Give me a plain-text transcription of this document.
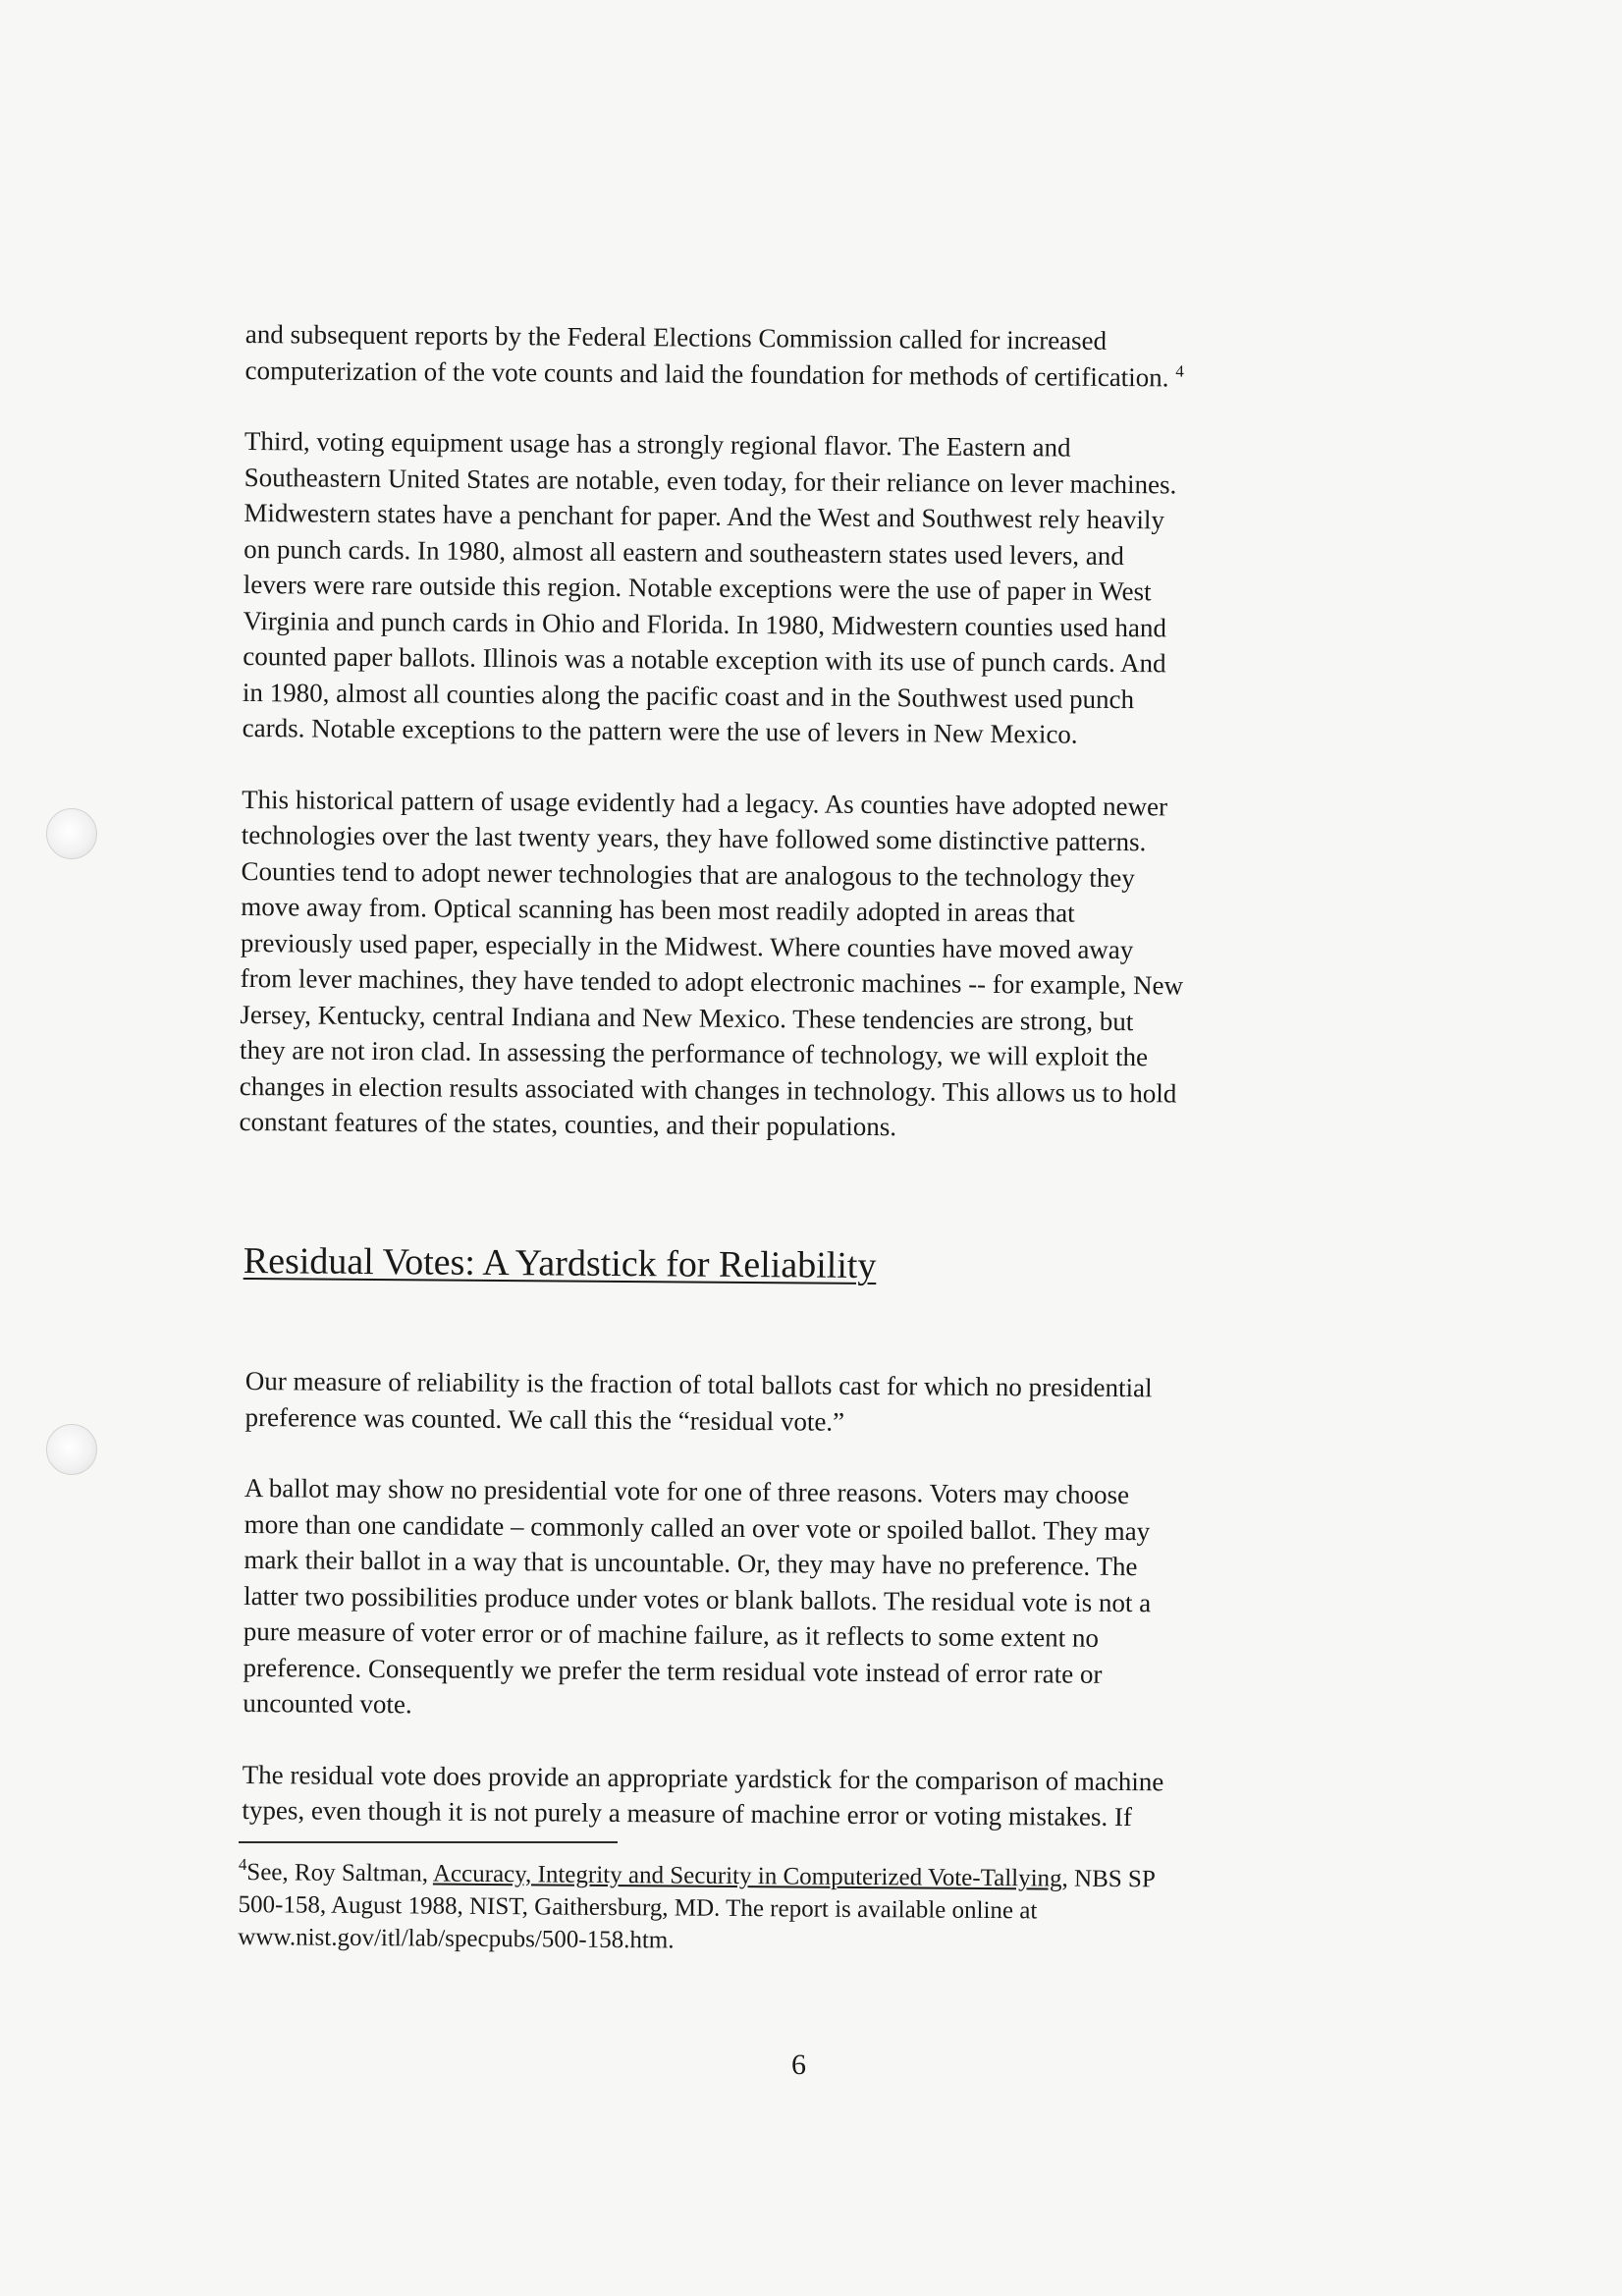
and subsequent reports by the Federal Elections Commission called for increased
computerization of the vote counts and laid the foundation for methods of certification. $^4$

Third, voting equipment usage has a strongly regional flavor. The Eastern and
Southeastern United States are notable, even today, for their reliance on lever machines.
Midwestern states have a penchant for paper. And the West and Southwest rely heavily
on punch cards. In 1980, almost all eastern and southeastern states used levers, and
levers were rare outside this region. Notable exceptions were the use of paper in West
Virginia and punch cards in Ohio and Florida. In 1980, Midwestern counties used hand
counted paper ballots. Illinois was a notable exception with its use of punch cards. And
in 1980, almost all counties along the pacific coast and in the Southwest used punch
cards. Notable exceptions to the pattern were the use of levers in New Mexico.

This historical pattern of usage evidently had a legacy. As counties have adopted newer
technologies over the last twenty years, they have followed some distinctive patterns.
Counties tend to adopt newer technologies that are analogous to the technology they
move away from. Optical scanning has been most readily adopted in areas that
previously used paper, especially in the Midwest. Where counties have moved away
from lever machines, they have tended to adopt electronic machines -- for example, New
Jersey, Kentucky, central Indiana and New Mexico. These tendencies are strong, but
they are not iron clad. In assessing the performance of technology, we will exploit the
changes in election results associated with changes in technology. This allows us to hold
constant features of the states, counties, and their populations.

Residual Votes: A Yardstick for Reliability

Our measure of reliability is the fraction of total ballots cast for which no presidential
preference was counted. We call this the “residual vote.”

A ballot may show no presidential vote for one of three reasons. Voters may choose
more than one candidate – commonly called an over vote or spoiled ballot. They may
mark their ballot in a way that is uncountable. Or, they may have no preference. The
latter two possibilities produce under votes or blank ballots. The residual vote is not a
pure measure of voter error or of machine failure, as it reflects to some extent no
preference. Consequently we prefer the term residual vote instead of error rate or
uncounted vote.

The residual vote does provide an appropriate yardstick for the comparison of machine
types, even though it is not purely a measure of machine error or voting mistakes. If

$^4$See, Roy Saltman, Accuracy, Integrity and Security in Computerized Vote-Tallying, NBS SP
500-158, August 1988, NIST, Gaithersburg, MD. The report is available online at
www.nist.gov/itl/lab/specpubs/500-158.htm.
6
